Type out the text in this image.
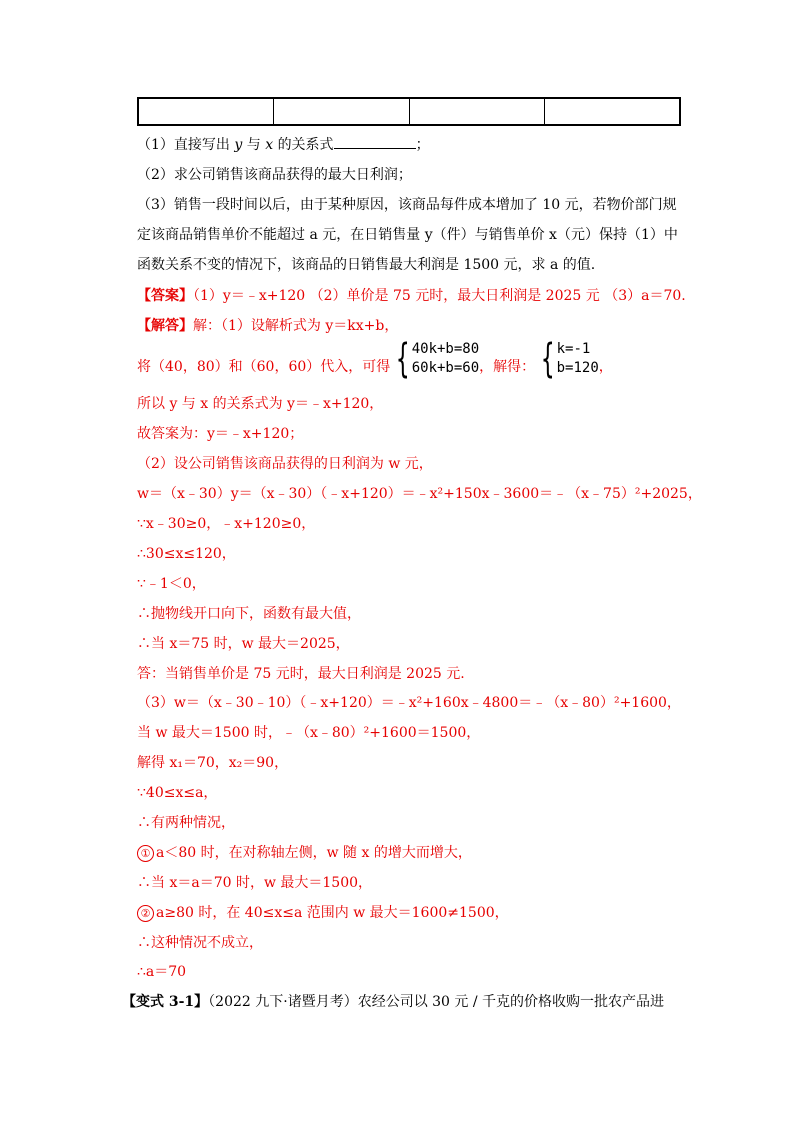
（1）直接写出 y 与 x 的关系式	；
（2）求公司销售该商品获得的最大日利润；
（3）销售一段时间以后，由于某种原因，该商品每件成本增加了 10 元，若物价部门规
定该商品销售单价不能超过 a 元，在日销售量 y（件）与销售单价 x（元）保持（1）中
函数关系不变的情况下，该商品的日销售最大利润是 1500 元，求 a 的值.
【答案】（1）y＝﹣x+120 （2）单价是 75 元时，最大日利润是 2025 元 （3）a＝70.
【解答】解：（1）设解析式为 y＝kx+b，
将（40，80）和（60，60）代入，可得 { 40k+b=80
60k+b=60 ，解得： { k=-1
b=120 ，
所以 y 与 x 的关系式为 y＝﹣x+120，
故答案为：y＝﹣x+120；
（2）设公司销售该商品获得的日利润为 w 元，
w＝（x﹣30）y＝（x﹣30）（﹣x+120）＝﹣x²+150x﹣3600＝﹣（x﹣75）²+2025，
∵x﹣30≥0，﹣x+120≥0，
∴30≤x≤120，
∵﹣1＜0，
∴抛物线开口向下，函数有最大值，
∴当 x＝75 时，w 最大＝2025，
答：当销售单价是 75 元时，最大日利润是 2025 元.
（3）w＝（x﹣30﹣10）（﹣x+120）＝﹣x²+160x﹣4800＝﹣（x﹣80）²+1600，
当 w 最大＝1500 时，﹣（x﹣80）²+1600＝1500，
解得 x₁＝70，x₂＝90，
∵40≤x≤a，
∴有两种情况，
① a＜80 时，在对称轴左侧，w 随 x 的增大而增大，
∴当 x＝a＝70 时，w 最大＝1500，
② a≥80 时，在 40≤x≤a 范围内 w 最大＝1600≠1500，
∴这种情况不成立，
∴a＝70
【变式 3-1】（2022 九下·诸暨月考）农经公司以 30 元 / 千克的价格收购一批农产品进
